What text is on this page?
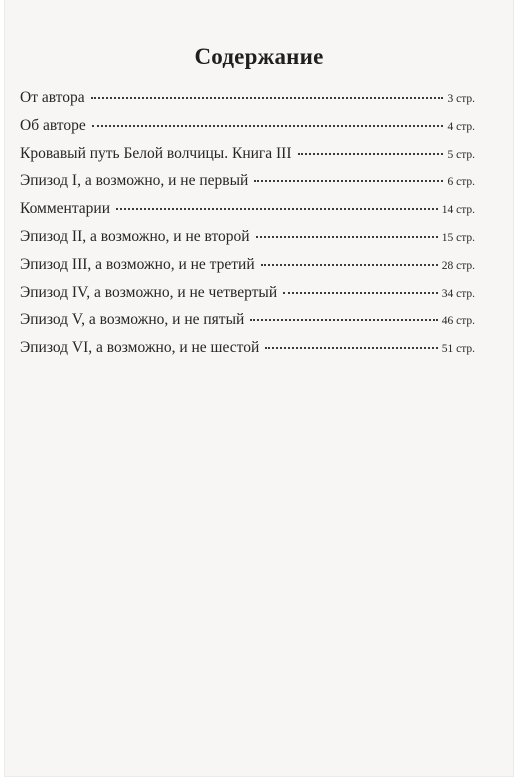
Содержание
От автора	3 стр.
Об авторе	4 стр.
Кровавый путь Белой волчицы. Книга III	5 стр.
Эпизод I, а возможно, и не первый	6 стр.
Комментарии	14 стр.
Эпизод II, а возможно, и не второй	15 стр.
Эпизод III, а возможно, и не третий	28 стр.
Эпизод IV, а возможно, и не четвертый	34 стр.
Эпизод V, а возможно, и не пятый	46 стр.
Эпизод VI, а возможно, и не шестой	51 стр.
